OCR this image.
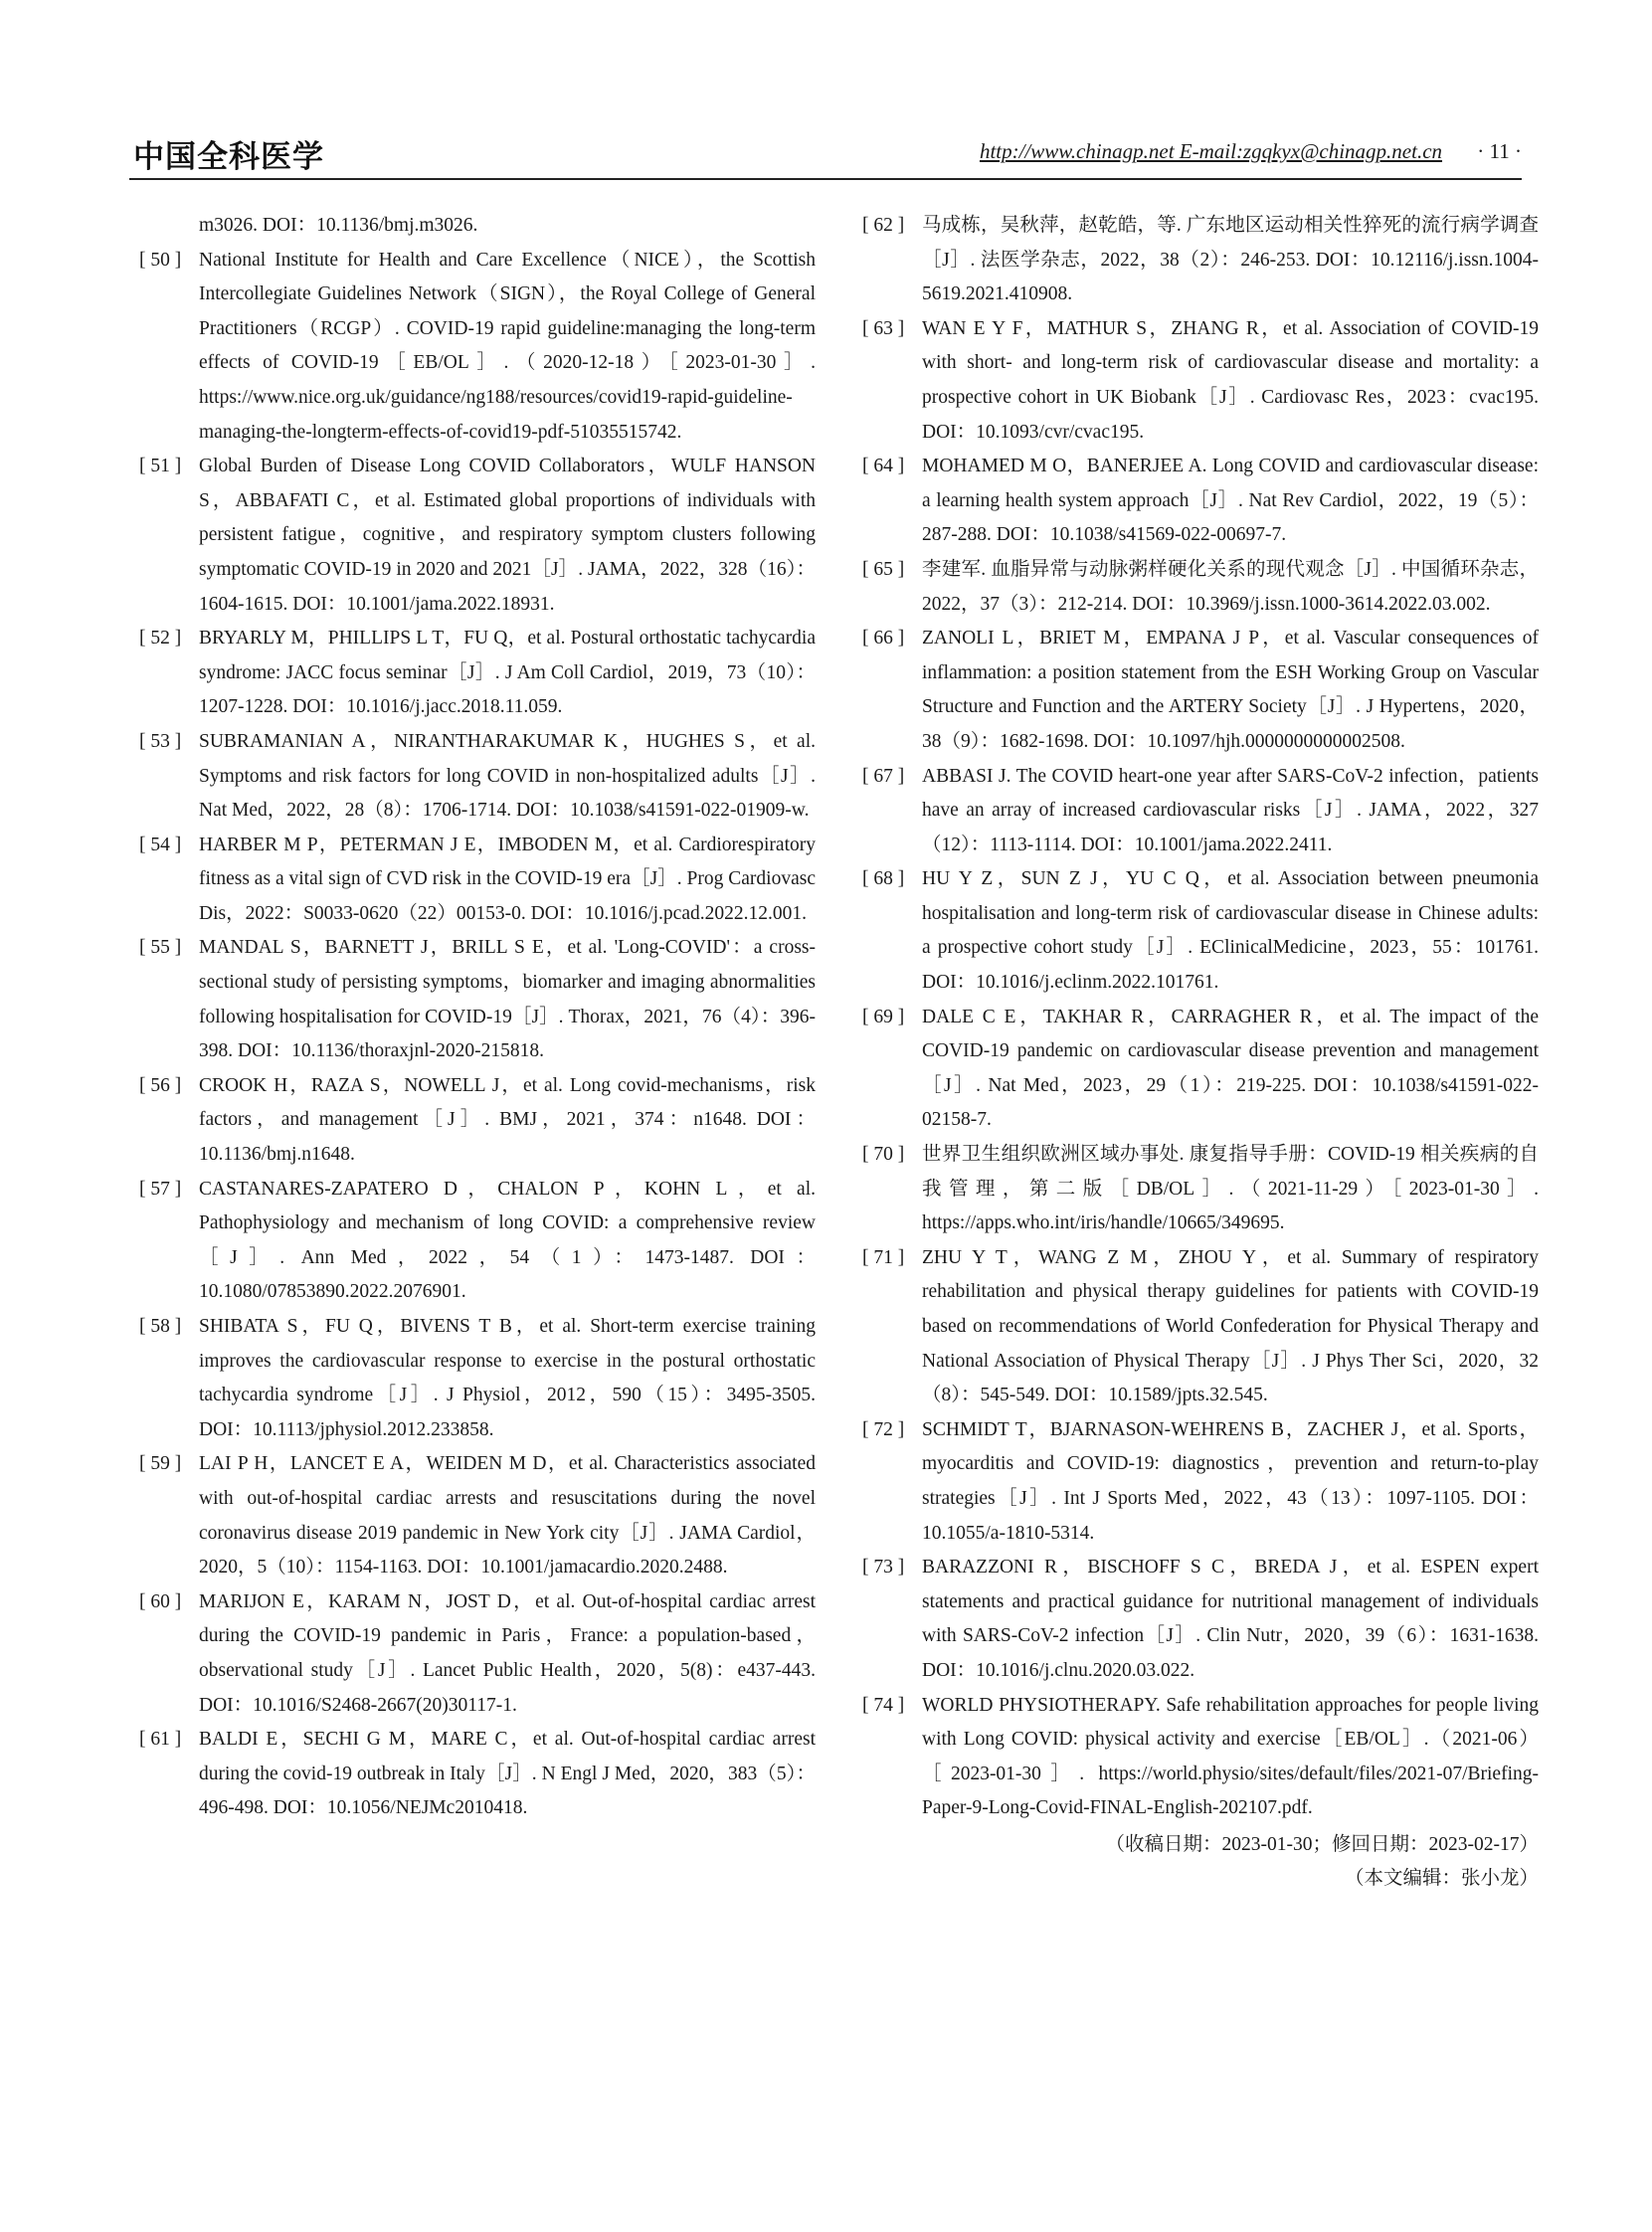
中国全科医学	http://www.chinagp.net E-mail:zgqkyx@chinagp.net.cn · 11 ·
m3026. DOI：10.1136/bmj.m3026.
[ 50 ] National Institute for Health and Care Excellence（NICE），the Scottish Intercollegiate Guidelines Network（SIGN），the Royal College of General Practitioners（RCGP）. COVID-19 rapid guideline:managing the long-term effects of COVID-19［EB/OL］.（2020-12-18）［2023-01-30］. https://www.nice.org.uk/guidance/ng188/resources/covid19-rapid-guideline-managing-the-longterm-effects-of-covid19-pdf-51035515742.
[ 51 ] Global Burden of Disease Long COVID Collaborators，WULF HANSON S，ABBAFATI C，et al. Estimated global proportions of individuals with persistent fatigue，cognitive，and respiratory symptom clusters following symptomatic COVID-19 in 2020 and 2021［J］. JAMA，2022，328（16）：1604-1615. DOI：10.1001/jama.2022.18931.
[ 52 ] BRYARLY M，PHILLIPS L T，FU Q，et al. Postural orthostatic tachycardia syndrome: JACC focus seminar［J］. J Am Coll Cardiol，2019，73（10）：1207-1228. DOI：10.1016/j.jacc.2018.11.059.
[ 53 ] SUBRAMANIAN A，NIRANTHARAKUMAR K，HUGHES S，et al. Symptoms and risk factors for long COVID in non-hospitalized adults［J］. Nat Med，2022，28（8）：1706-1714. DOI：10.1038/s41591-022-01909-w.
[ 54 ] HARBER M P，PETERMAN J E，IMBODEN M，et al. Cardiorespiratory fitness as a vital sign of CVD risk in the COVID-19 era［J］. Prog Cardiovasc Dis，2022：S0033-0620（22）00153-0. DOI：10.1016/j.pcad.2022.12.001.
[ 55 ] MANDAL S，BARNETT J，BRILL S E，et al. 'Long-COVID'：a cross-sectional study of persisting symptoms，biomarker and imaging abnormalities following hospitalisation for COVID-19［J］. Thorax，2021，76（4）：396-398. DOI：10.1136/thoraxjnl-2020-215818.
[ 56 ] CROOK H，RAZA S，NOWELL J，et al. Long covid-mechanisms，risk factors，and management［J］. BMJ，2021，374：n1648. DOI：10.1136/bmj.n1648.
[ 57 ] CASTANARES-ZAPATERO D，CHALON P，KOHN L，et al. Pathophysiology and mechanism of long COVID: a comprehensive review［J］. Ann Med，2022，54（1）：1473-1487. DOI：10.1080/07853890.2022.2076901.
[ 58 ] SHIBATA S，FU Q，BIVENS T B，et al. Short-term exercise training improves the cardiovascular response to exercise in the postural orthostatic tachycardia syndrome［J］. J Physiol，2012，590（15）：3495-3505. DOI：10.1113/jphysiol.2012.233858.
[ 59 ] LAI P H，LANCET E A，WEIDEN M D，et al. Characteristics associated with out-of-hospital cardiac arrests and resuscitations during the novel coronavirus disease 2019 pandemic in New York city［J］. JAMA Cardiol，2020，5（10）：1154-1163. DOI：10.1001/jamacardio.2020.2488.
[ 60 ] MARIJON E，KARAM N，JOST D，et al. Out-of-hospital cardiac arrest during the COVID-19 pandemic in Paris，France: a population-based，observational study［J］. Lancet Public Health，2020，5(8)：e437-443. DOI：10.1016/S2468-2667(20)30117-1.
[ 61 ] BALDI E，SECHI G M，MARE C，et al. Out-of-hospital cardiac arrest during the covid-19 outbreak in Italy［J］. N Engl J Med，2020，383（5）：496-498. DOI：10.1056/NEJMc2010418.
[ 62 ] 马成栋，吴秋萍，赵乾皓，等. 广东地区运动相关性猝死的流行病学调查［J］. 法医学杂志，2022，38（2）：246-253. DOI：10.12116/j.issn.1004-5619.2021.410908.
[ 63 ] WAN E Y F，MATHUR S，ZHANG R，et al. Association of COVID-19 with short- and long-term risk of cardiovascular disease and mortality: a prospective cohort in UK Biobank［J］. Cardiovasc Res，2023：cvac195. DOI：10.1093/cvr/cvac195.
[ 64 ] MOHAMED M O，BANERJEE A. Long COVID and cardiovascular disease: a learning health system approach［J］. Nat Rev Cardiol，2022，19（5）：287-288. DOI：10.1038/s41569-022-00697-7.
[ 65 ] 李建军. 血脂异常与动脉粥样硬化关系的现代观念［J］. 中国循环杂志，2022，37（3）：212-214. DOI：10.3969/j.issn.1000-3614.2022.03.002.
[ 66 ] ZANOLI L，BRIET M，EMPANA J P，et al. Vascular consequences of inflammation: a position statement from the ESH Working Group on Vascular Structure and Function and the ARTERY Society［J］. J Hypertens，2020，38（9）：1682-1698. DOI：10.1097/hjh.0000000000002508.
[ 67 ] ABBASI J. The COVID heart-one year after SARS-CoV-2 infection，patients have an array of increased cardiovascular risks［J］. JAMA，2022，327（12）：1113-1114. DOI：10.1001/jama.2022.2411.
[ 68 ] HU Y Z，SUN Z J，YU C Q，et al. Association between pneumonia hospitalisation and long-term risk of cardiovascular disease in Chinese adults: a prospective cohort study［J］. EClinicalMedicine，2023，55：101761. DOI：10.1016/j.eclinm.2022.101761.
[ 69 ] DALE C E，TAKHAR R，CARRAGHER R，et al. The impact of the COVID-19 pandemic on cardiovascular disease prevention and management［J］. Nat Med，2023，29（1）：219-225. DOI：10.1038/s41591-022-02158-7.
[ 70 ] 世界卫生组织欧洲区域办事处. 康复指导手册：COVID-19 相关疾病的自我管理，第二版［DB/OL］.（2021-11-29）［2023-01-30］. https://apps.who.int/iris/handle/10665/349695.
[ 71 ] ZHU Y T，WANG Z M，ZHOU Y，et al. Summary of respiratory rehabilitation and physical therapy guidelines for patients with COVID-19 based on recommendations of World Confederation for Physical Therapy and National Association of Physical Therapy［J］. J Phys Ther Sci，2020，32（8）：545-549. DOI：10.1589/jpts.32.545.
[ 72 ] SCHMIDT T，BJARNASON-WEHRENS B，ZACHER J，et al. Sports，myocarditis and COVID-19: diagnostics，prevention and return-to-play strategies［J］. Int J Sports Med，2022，43（13）：1097-1105. DOI：10.1055/a-1810-5314.
[ 73 ] BARAZZONI R，BISCHOFF S C，BREDA J，et al. ESPEN expert statements and practical guidance for nutritional management of individuals with SARS-CoV-2 infection［J］. Clin Nutr，2020，39（6）：1631-1638. DOI：10.1016/j.clnu.2020.03.022.
[ 74 ] WORLD PHYSIOTHERAPY. Safe rehabilitation approaches for people living with Long COVID: physical activity and exercise［EB/OL］.（2021-06）［2023-01-30］. https://world.physio/sites/default/files/2021-07/Briefing-Paper-9-Long-Covid-FINAL-English-202107.pdf.
（收稿日期：2023-01-30；修回日期：2023-02-17）
（本文编辑：张小龙）
